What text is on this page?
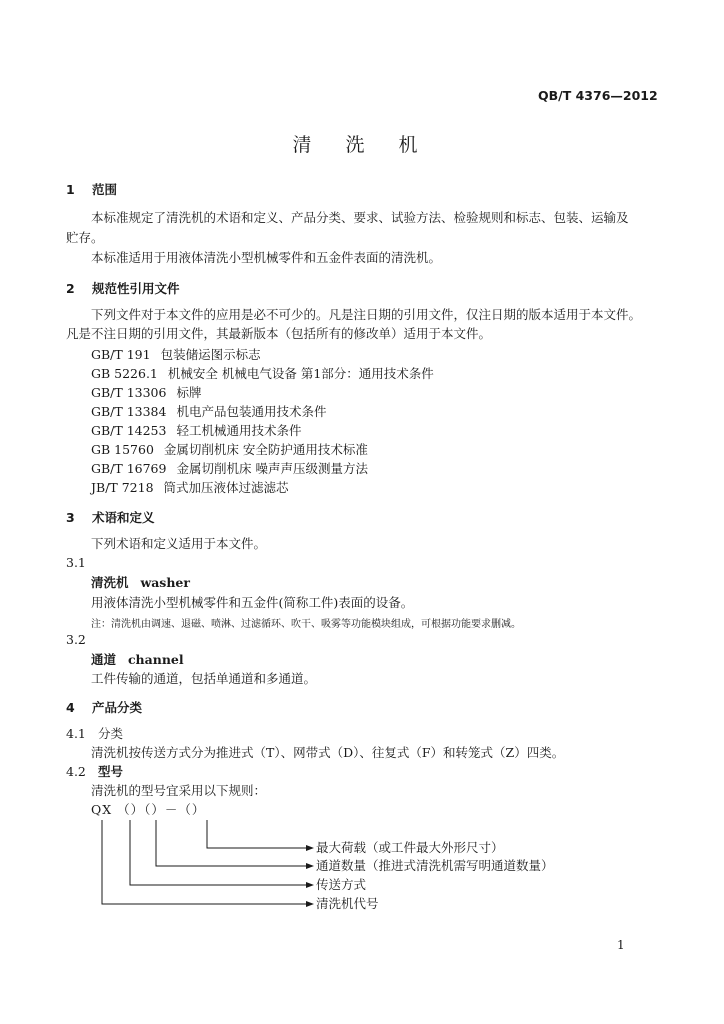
QB/T 4376—2012
清 洗 机
1 范围
本标准规定了清洗机的术语和定义、产品分类、要求、试验方法、检验规则和标志、包装、运输及
贮存。
本标准适用于用液体清洗小型机械零件和五金件表面的清洗机。
2 规范性引用文件
下列文件对于本文件的应用是必不可少的。凡是注日期的引用文件，仅注日期的版本适用于本文件。
凡是不注日期的引用文件，其最新版本（包括所有的修改单）适用于本文件。
GB/T 191 包装储运图示标志
GB 5226.1 机械安全 机械电气设备 第1部分：通用技术条件
GB/T 13306 标牌
GB/T 13384 机电产品包装通用技术条件
GB/T 14253 轻工机械通用技术条件
GB 15760 金属切削机床 安全防护通用技术标准
GB/T 16769 金属切削机床 噪声声压级测量方法
JB/T 7218 筒式加压液体过滤滤芯
3 术语和定义
下列术语和定义适用于本文件。
3.1
清洗机 washer
用液体清洗小型机械零件和五金件(简称工件)表面的设备。
注：清洗机由调速、退磁、喷淋、过滤循环、吹干、吸雾等功能模块组成，可根据功能要求删减。
3.2
通道 channel
工件传输的通道，包括单通道和多通道。
4 产品分类
4.1 分类
清洗机按传送方式分为推进式（T）、网带式（D）、往复式（F）和转笼式（Z）四类。
4.2 型号
清洗机的型号宜采用以下规则：
QX （）（）－（）
最大荷载（或工件最大外形尺寸）
通道数量（推进式清洗机需写明通道数量）
传送方式
清洗机代号
1
